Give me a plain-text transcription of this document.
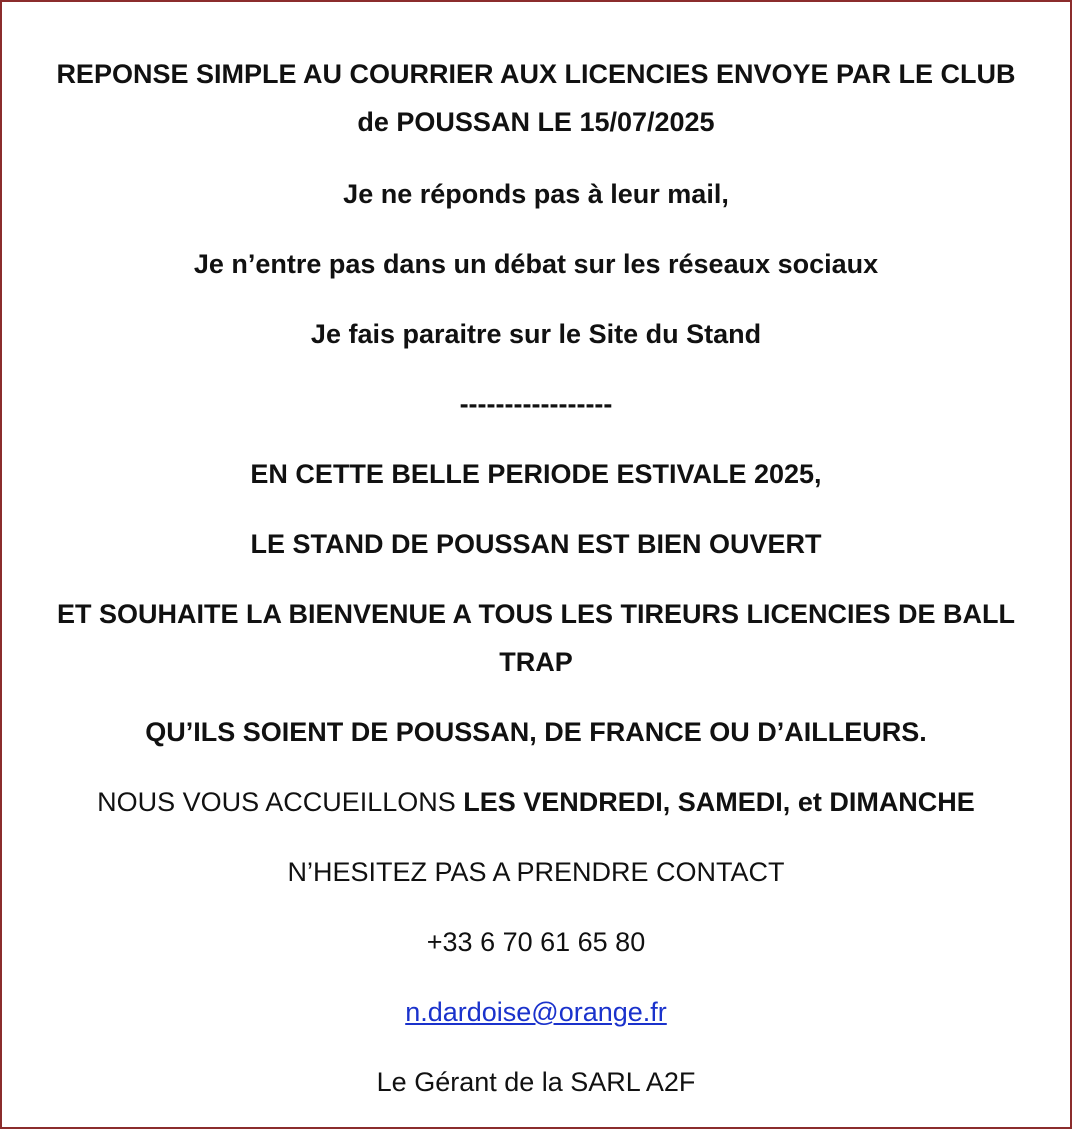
REPONSE SIMPLE AU COURRIER AUX LICENCIES ENVOYE PAR LE CLUB de POUSSAN LE 15/07/2025

Je ne réponds pas à leur mail,

Je n’entre pas dans un débat sur les réseaux sociaux

Je fais paraitre sur le Site du Stand

-----------------

EN CETTE BELLE PERIODE ESTIVALE 2025,

LE STAND DE POUSSAN EST BIEN OUVERT

ET SOUHAITE LA BIENVENUE A TOUS LES TIREURS LICENCIES DE BALL TRAP

QU’ILS SOIENT DE POUSSAN, DE FRANCE OU D’AILLEURS.

NOUS VOUS ACCUEILLONS LES VENDREDI, SAMEDI, et DIMANCHE

N’HESITEZ PAS A PRENDRE CONTACT

+33 6 70 61 65 80

n.dardoise@orange.fr

Le Gérant de la SARL A2F
